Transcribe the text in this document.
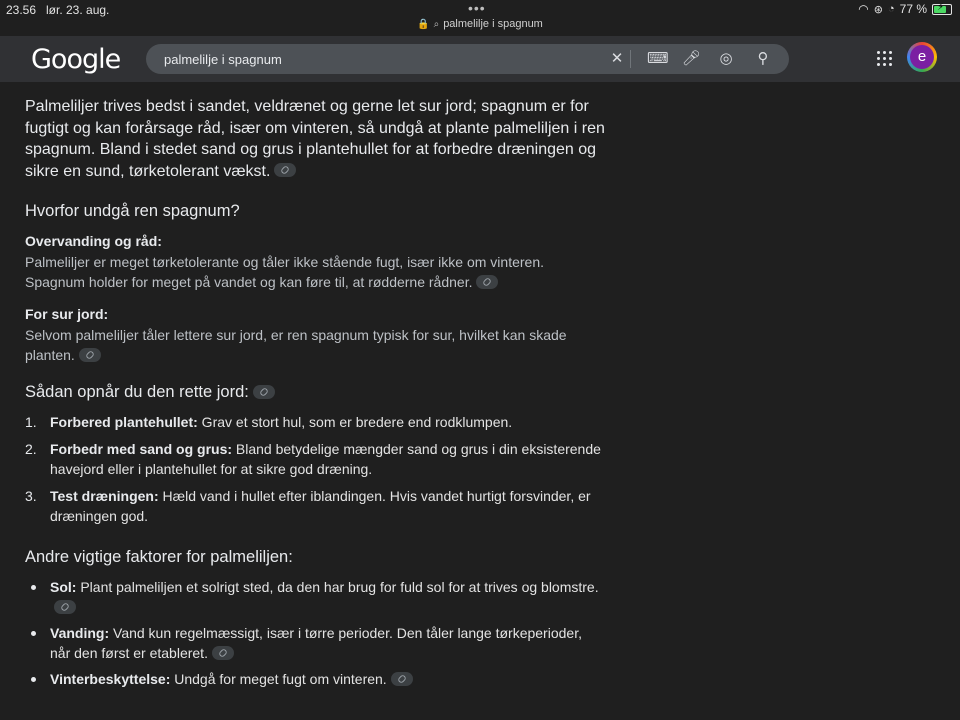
23.56 lør. 23. aug.	•••
🔒 ⌕ palmelilje i spagnum
◠ ⊛ ◔ 77 % ⚡
Google
palmelilje i spagnum	✕ ⌨ 🎤︎ ◎ ⚲	e

Palmeliljer trives bedst i sandet, veldrænet og gerne let sur jord; spagnum er for fugtigt og kan forårsage råd, især om vinteren, så undgå at plante palmeliljen i ren spagnum. Bland i stedet sand og grus i plantehullet for at forbedre dræningen og sikre en sund, tørketolerant vækst.

Hvorfor undgå ren spagnum?

Overvanding og råd:

Palmeliljer er meget tørketolerante og tåler ikke stående fugt, især ikke om vinteren. Spagnum holder for meget på vandet og kan føre til, at rødderne rådner.

For sur jord:

Selvom palmeliljer tåler lettere sur jord, er ren spagnum typisk for sur, hvilket kan skade planten.

Sådan opnår du den rette jord:
1. Forbered plantehullet: Grav et stort hul, som er bredere end rodklumpen.
2. Forbedr med sand og grus: Bland betydelige mængder sand og grus i din eksisterende havejord eller i plantehullet for at sikre god dræning.
3. Test dræningen: Hæld vand i hullet efter iblandingen. Hvis vandet hurtigt forsvinder, er dræningen god.
Andre vigtige faktorer for palmeliljen:
Sol: Plant palmeliljen et solrigt sted, da den har brug for fuld sol for at trives og blomstre.
Vanding: Vand kun regelmæssigt, især i tørre perioder. Den tåler lange tørkeperioder, når den først er etableret.
Vinterbeskyttelse: Undgå for meget fugt om vinteren.
